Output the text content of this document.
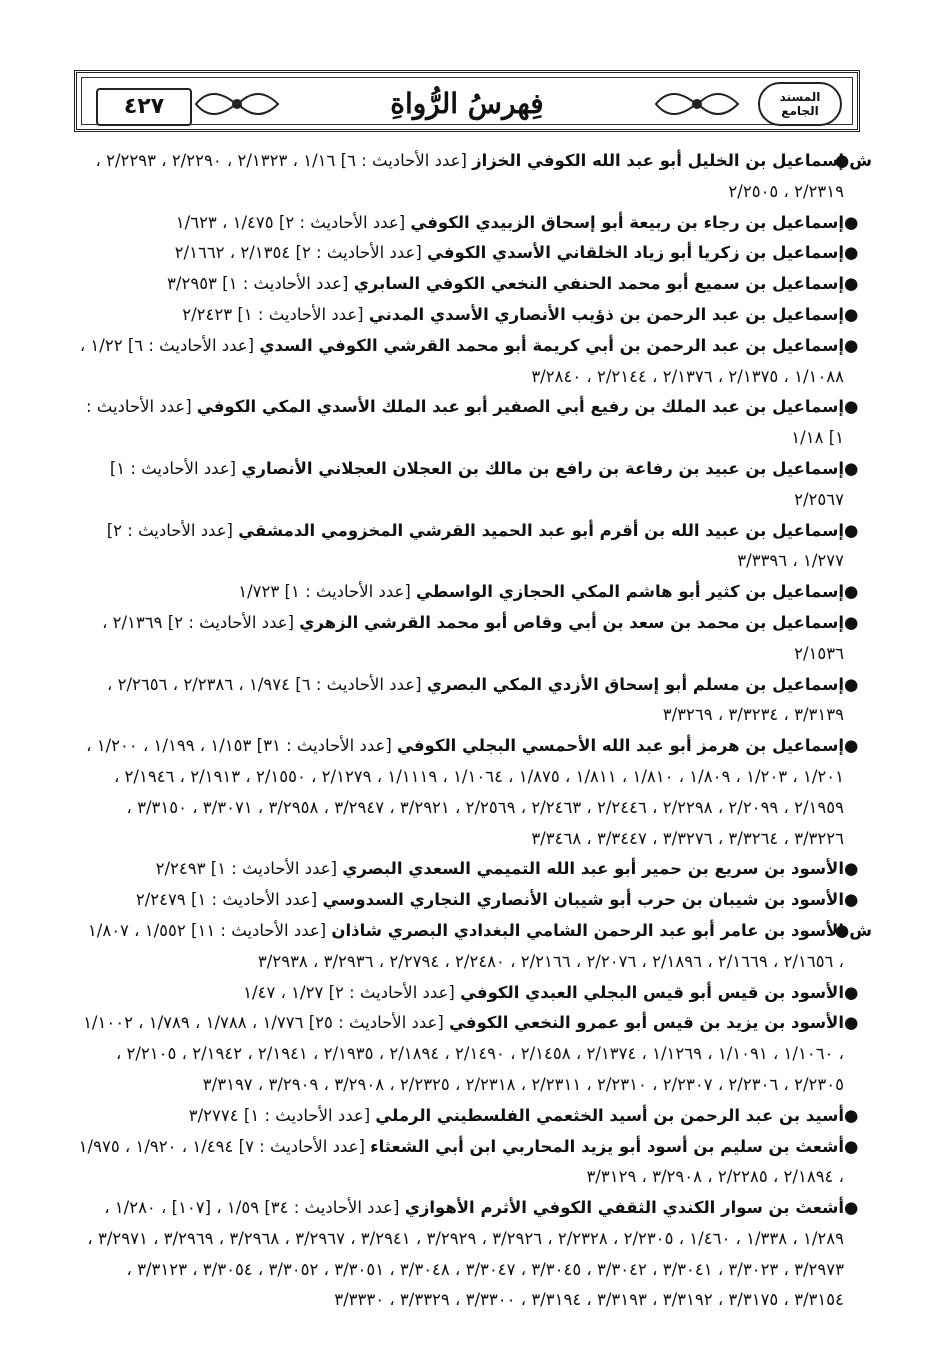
٤٢٧	فِهرسُ الرُّواةِ	المسند الجامع

ش●
إسماعيل بن الخليل أبو عبد الله الكوفي الخزاز [عدد الأحاديث : ٦] ١/١٦ ، ٢/١٣٢٣ ، ٢/٢٢٩٠ ، ٢/٢٢٩٣ ، ٢/٢٣١٩ ، ٢/٢٥٠٥

●
إسماعيل بن رجاء بن ربيعة أبو إسحاق الزبيدي الكوفي [عدد الأحاديث : ٢] ١/٤٧٥ ، ١/٦٢٣

●
إسماعيل بن زكريا أبو زياد الخلقاني الأسدي الكوفي [عدد الأحاديث : ٢] ٢/١٣٥٤ ، ٢/١٦٦٢

●
إسماعيل بن سميع أبو محمد الحنفي النخعي الكوفي السابري [عدد الأحاديث : ١] ٣/٢٩٥٣

●
إسماعيل بن عبد الرحمن بن ذؤيب الأنصاري الأسدي المدني [عدد الأحاديث : ١] ٢/٢٤٢٣

●
إسماعيل بن عبد الرحمن بن أبي كريمة أبو محمد القرشي الكوفي السدي [عدد الأحاديث : ٦] ١/٢٢ ، ١/١٠٨٨ ، ٢/١٣٧٥ ، ٢/١٣٧٦ ، ٢/٢١٤٤ ، ٣/٢٨٤٠

●
إسماعيل بن عبد الملك بن رفيع أبي الصفير أبو عبد الملك الأسدي المكي الكوفي [عدد الأحاديث : ١] ١/١٨

●
إسماعيل بن عبيد بن رفاعة بن رافع بن مالك بن العجلان العجلاني الأنصاري [عدد الأحاديث : ١] ٢/٢٥٦٧

●
إسماعيل بن عبيد الله بن أقرم أبو عبد الحميد القرشي المخزومي الدمشقي [عدد الأحاديث : ٢] ١/٢٧٧ ، ٣/٣٣٩٦

●
إسماعيل بن كثير أبو هاشم المكي الحجازي الواسطي [عدد الأحاديث : ١] ١/٧٢٣

●
إسماعيل بن محمد بن سعد بن أبي وقاص أبو محمد القرشي الزهري [عدد الأحاديث : ٢] ٢/١٣٦٩ ، ٢/١٥٣٦

●
إسماعيل بن مسلم أبو إسحاق الأزدي المكي البصري [عدد الأحاديث : ٦] ١/٩٧٤ ، ٢/٢٣٨٦ ، ٢/٢٦٥٦ ، ٣/٣١٣٩ ، ٣/٣٢٣٤ ، ٣/٣٢٦٩

●
إسماعيل بن هرمز أبو عبد الله الأحمسي البجلي الكوفي [عدد الأحاديث : ٣١] ١/١٥٣ ، ١/١٩٩ ، ١/٢٠٠ ، ١/٢٠١ ، ١/٢٠٣ ، ١/٨٠٩ ، ١/٨١٠ ، ١/٨١١ ، ١/٨٧٥ ، ١/١٠٦٤ ، ١/١١١٩ ، ٢/١٢٧٩ ، ٢/١٥٥٠ ، ٢/١٩١٣ ، ٢/١٩٤٦ ، ٢/١٩٥٩ ، ٢/٢٠٩٩ ، ٢/٢٢٩٨ ، ٢/٢٤٤٦ ، ٢/٢٤٦٣ ، ٢/٢٥٦٩ ، ٣/٢٩٢١ ، ٣/٢٩٤٧ ، ٣/٢٩٥٨ ، ٣/٣٠٧١ ، ٣/٣١٥٠ ، ٣/٣٢٢٦ ، ٣/٣٢٦٤ ، ٣/٣٢٧٦ ، ٣/٣٤٤٧ ، ٣/٣٤٦٨

●
الأسود بن سريع بن حمير أبو عبد الله التميمي السعدي البصري [عدد الأحاديث : ١] ٢/٢٤٩٣

●
الأسود بن شيبان بن حرب أبو شيبان الأنصاري النجاري السدوسي [عدد الأحاديث : ١] ٢/٢٤٧٩

ش●
الأسود بن عامر أبو عبد الرحمن الشامي البغدادي البصري شاذان [عدد الأحاديث : ١١] ١/٥٥٢ ، ١/٨٠٧ ، ٢/١٦٥٦ ، ٢/١٦٦٩ ، ٢/١٨٩٦ ، ٢/٢٠٧٦ ، ٢/٢١٦٦ ، ٢/٢٤٨٠ ، ٢/٢٧٩٤ ، ٣/٢٩٣٦ ، ٣/٢٩٣٨

●
الأسود بن قيس أبو قيس البجلي العبدي الكوفي [عدد الأحاديث : ٢] ١/٢٧ ، ١/٤٧

●
الأسود بن يزيد بن قيس أبو عمرو النخعي الكوفي [عدد الأحاديث : ٢٥] ١/٧٧٦ ، ١/٧٨٨ ، ١/٧٨٩ ، ١/١٠٠٢ ، ١/١٠٦٠ ، ١/١٠٩١ ، ١/١٢٦٩ ، ٢/١٣٧٤ ، ٢/١٤٥٨ ، ٢/١٤٩٠ ، ٢/١٨٩٤ ، ٢/١٩٣٥ ، ٢/١٩٤١ ، ٢/١٩٤٢ ، ٢/٢١٠٥ ، ٢/٢٣٠٥ ، ٢/٢٣٠٦ ، ٢/٢٣٠٧ ، ٢/٢٣١٠ ، ٢/٢٣١١ ، ٢/٢٣١٨ ، ٢/٢٣٢٥ ، ٣/٢٩٠٨ ، ٣/٢٩٠٩ ، ٣/٣١٩٧

●
أسيد بن عبد الرحمن بن أسيد الخثعمي الفلسطيني الرملي [عدد الأحاديث : ١] ٣/٢٧٧٤

●
أشعث بن سليم بن أسود أبو يزيد المحاربي ابن أبي الشعثاء [عدد الأحاديث : ٧] ١/٤٩٤ ، ١/٩٢٠ ، ١/٩٧٥ ، ٢/١٨٩٤ ، ٢/٢٢٨٥ ، ٣/٢٩٠٨ ، ٣/٣١٢٩

●
أشعث بن سوار الكندي الثقفي الكوفي الأثرم الأهوازي [عدد الأحاديث : ٣٤] ١/٥٩ ، [١٠٧] ، ١/٢٨٠ ، ١/٢٨٩ ، ١/٣٣٨ ، ١/٤٦٠ ، ٢/٢٣٠٥ ، ٢/٢٣٢٨ ، ٣/٢٩٢٦ ، ٣/٢٩٢٩ ، ٣/٢٩٤١ ، ٣/٢٩٦٧ ، ٣/٢٩٦٨ ، ٣/٢٩٦٩ ، ٣/٢٩٧١ ، ٣/٢٩٧٣ ، ٣/٣٠٢٣ ، ٣/٣٠٤١ ، ٣/٣٠٤٢ ، ٣/٣٠٤٥ ، ٣/٣٠٤٧ ، ٣/٣٠٤٨ ، ٣/٣٠٥١ ، ٣/٣٠٥٢ ، ٣/٣٠٥٤ ، ٣/٣١٢٣ ، ٣/٣١٥٤ ، ٣/٣١٧٥ ، ٣/٣١٩٢ ، ٣/٣١٩٣ ، ٣/٣١٩٤ ، ٣/٣٣٠٠ ، ٣/٣٣٢٩ ، ٣/٣٣٣٠
